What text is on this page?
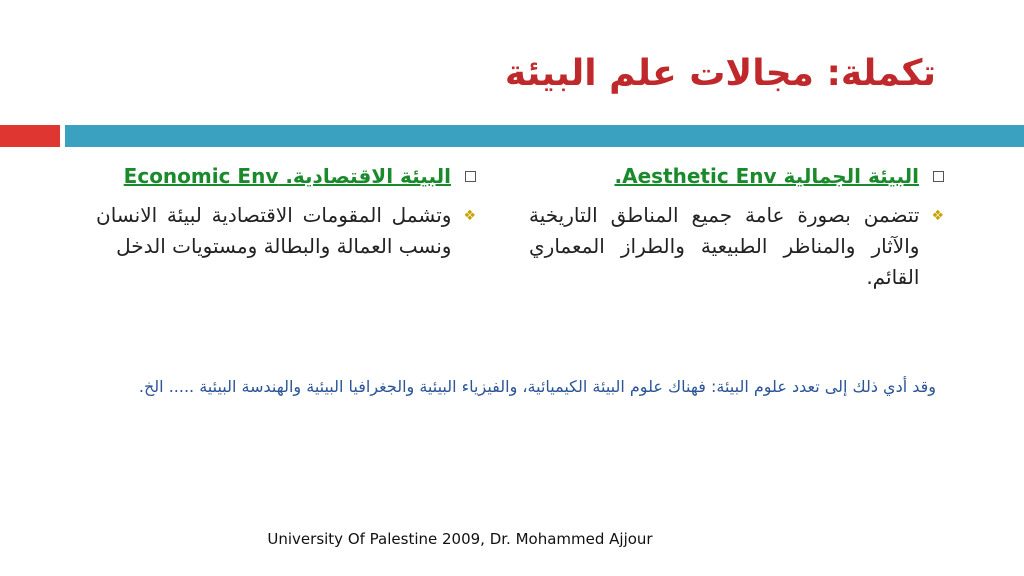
تكملة: مجالات علم البيئة
البيئة الجمالية Aesthetic Env.
❖
تتضمن بصورة عامة جميع المناطق التاريخية والآثار والمناظر الطبيعية والطراز المعماري القائم.
البيئة الاقتصادية. Economic Env
❖
وتشمل المقومات الاقتصادية لبيئة الانسان ونسب العمالة والبطالة ومستويات الدخل
وقد أدي ذلك إلى تعدد علوم البيئة: فهناك علوم البيئة الكيميائية، والفيزياء البيئية والجغرافيا البيئية والهندسة البيئية ..... الخ.
University Of Palestine 2009, Dr. Mohammed Ajjour
